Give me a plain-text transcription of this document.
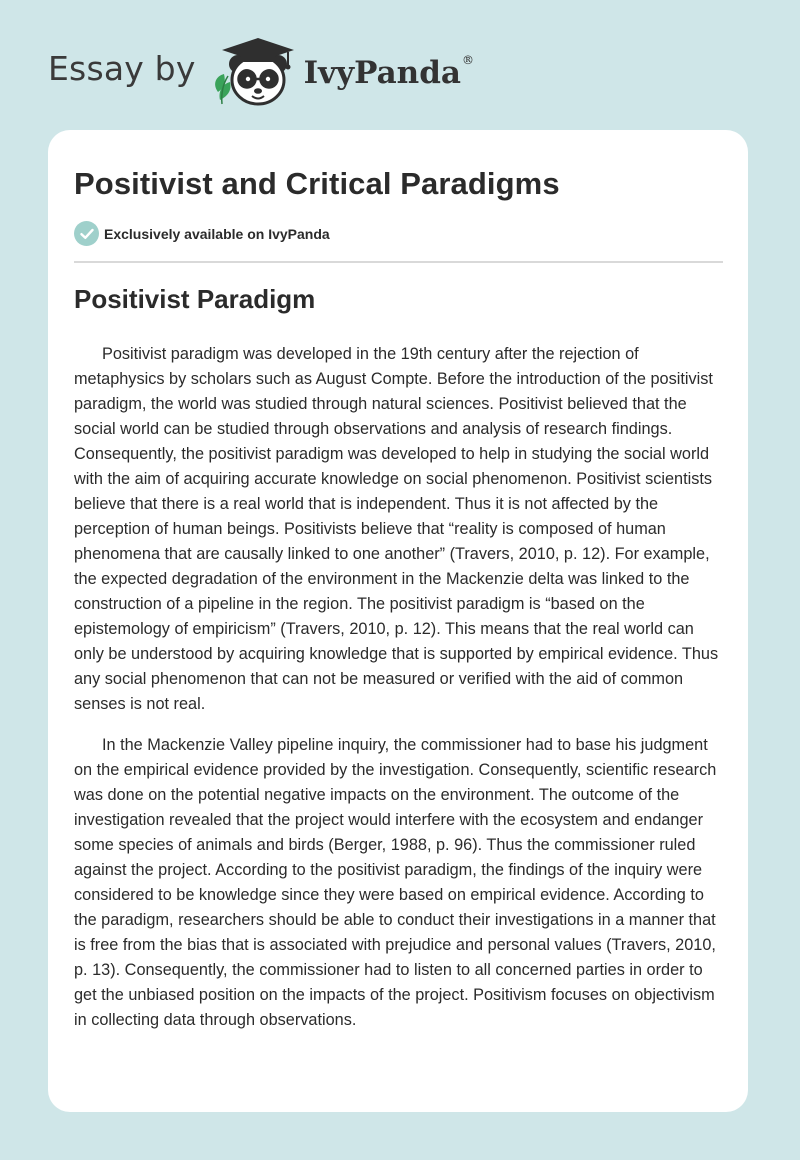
Essay by	IvyPanda®
Positivist and Critical Paradigms
Exclusively available on IvyPanda
Positivist Paradigm

Positivist paradigm was developed in the 19th century after the rejection of metaphysics by scholars such as August Compte. Before the introduction of the positivist paradigm, the world was studied through natural sciences. Positivist believed that the social world can be studied through observations and analysis of research findings. Consequently, the positivist paradigm was developed to help in studying the social world with the aim of acquiring accurate knowledge on social phenomenon. Positivist scientists believe that there is a real world that is independent. Thus it is not affected by the perception of human beings. Positivists believe that “reality is composed of human phenomena that are causally linked to one another” (Travers, 2010, p. 12). For example, the expected degradation of the environment in the Mackenzie delta was linked to the construction of a pipeline in the region. The positivist paradigm is “based on the epistemology of empiricism” (Travers, 2010, p. 12). This means that the real world can only be understood by acquiring knowledge that is supported by empirical evidence. Thus any social phenomenon that can not be measured or verified with the aid of common senses is not real.

In the Mackenzie Valley pipeline inquiry, the commissioner had to base his judgment on the empirical evidence provided by the investigation. Consequently, scientific research was done on the potential negative impacts on the environment. The outcome of the investigation revealed that the project would interfere with the ecosystem and endanger some species of animals and birds (Berger, 1988, p. 96). Thus the commissioner ruled against the project. According to the positivist paradigm, the findings of the inquiry were considered to be knowledge since they were based on empirical evidence. According to the paradigm, researchers should be able to conduct their investigations in a manner that is free from the bias that is associated with prejudice and personal values (Travers, 2010, p. 13). Consequently, the commissioner had to listen to all concerned parties in order to get the unbiased position on the impacts of the project. Positivism focuses on objectivism in collecting data through observations.
